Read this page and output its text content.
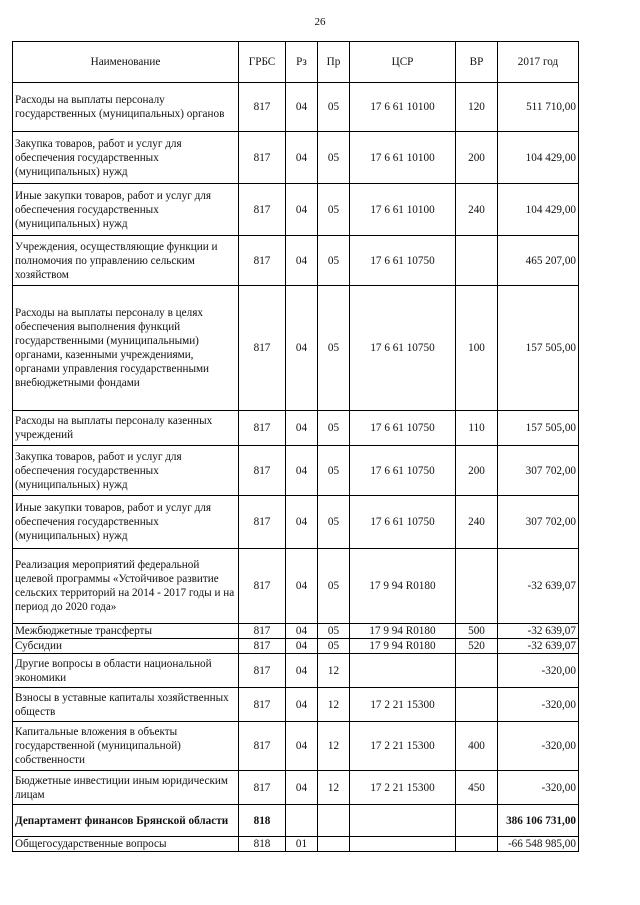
26
Наименование	ГРБС	Рз	Пр	ЦСР	ВР	2017 год
Расходы на выплаты персоналу государственных (муниципальных) органов	817	04	05	17 6 61 10100	120	511 710,00
Закупка товаров, работ и услуг для обеспечения государственных (муниципальных) нужд	817	04	05	17 6 61 10100	200	104 429,00
Иные закупки товаров, работ и услуг для обеспечения государственных (муниципальных) нужд	817	04	05	17 6 61 10100	240	104 429,00
Учреждения, осуществляющие функции и полномочия по управлению сельским хозяйством	817	04	05	17 6 61 10750		465 207,00
Расходы на выплаты персоналу в целях обеспечения выполнения функций государственными (муниципальными) органами, казенными учреждениями, органами управления государственными внебюджетными фондами	817	04	05	17 6 61 10750	100	157 505,00
Расходы на выплаты персоналу казенных учреждений	817	04	05	17 6 61 10750	110	157 505,00
Закупка товаров, работ и услуг для обеспечения государственных (муниципальных) нужд	817	04	05	17 6 61 10750	200	307 702,00
Иные закупки товаров, работ и услуг для обеспечения государственных (муниципальных) нужд	817	04	05	17 6 61 10750	240	307 702,00
Реализация мероприятий федеральной целевой программы «Устойчивое развитие сельских территорий на 2014 - 2017 годы и на период до 2020 года»	817	04	05	17 9 94 R0180		-32 639,07
Межбюджетные трансферты	817	04	05	17 9 94 R0180	500	-32 639,07
Субсидии	817	04	05	17 9 94 R0180	520	-32 639,07
Другие вопросы в области национальной экономики	817	04	12			-320,00
Взносы в уставные капиталы хозяйственных обществ	817	04	12	17 2 21 15300		-320,00
Капитальные вложения в объекты государственной (муниципальной) собственности	817	04	12	17 2 21 15300	400	-320,00
Бюджетные инвестиции иным юридическим лицам	817	04	12	17 2 21 15300	450	-320,00
Департамент финансов Брянской области	818					386 106 731,00
Общегосударственные вопросы	818	01				-66 548 985,00
